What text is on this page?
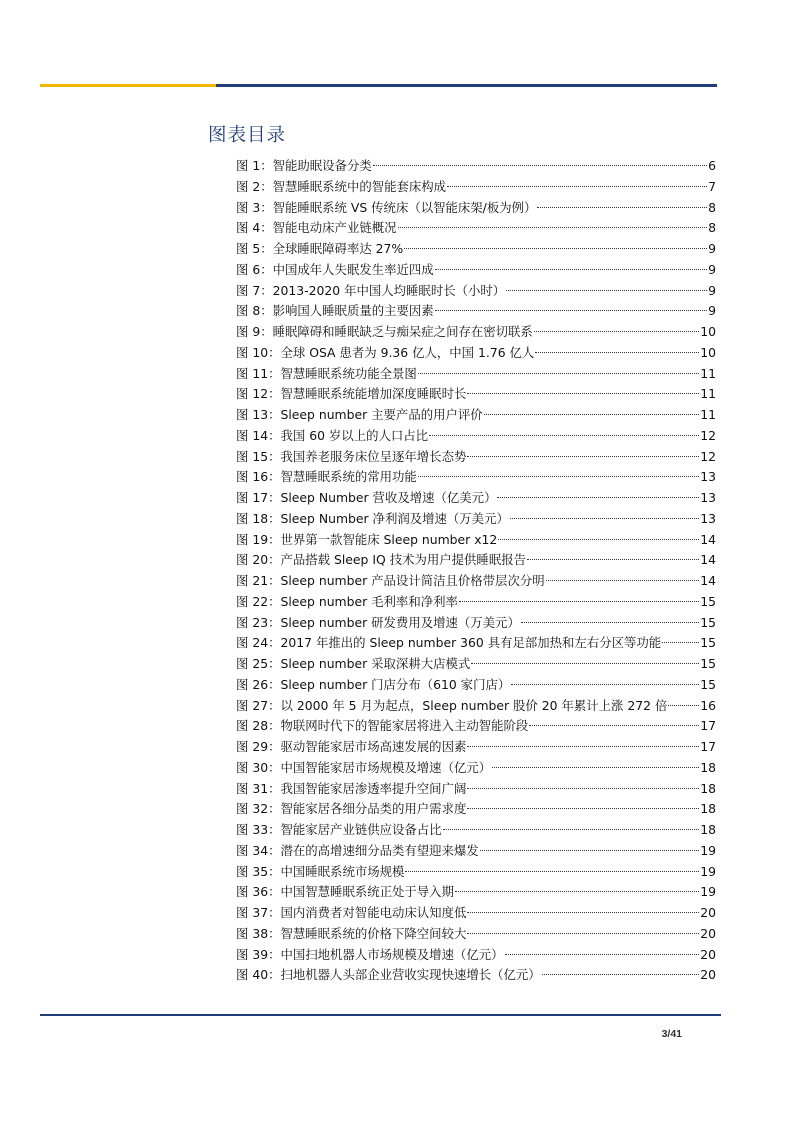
图表目录
图 1：智能助眠设备分类	6
图 2：智慧睡眠系统中的智能套床构成	7
图 3：智能睡眠系统 VS 传统床（以智能床架/板为例）	8
图 4：智能电动床产业链概况	8
图 5：全球睡眠障碍率达 27%	9
图 6：中国成年人失眠发生率近四成	9
图 7：2013-2020 年中国人均睡眠时长（小时）	9
图 8：影响国人睡眠质量的主要因素	9
图 9：睡眠障碍和睡眠缺乏与痴呆症之间存在密切联系	10
图 10：全球 OSA 患者为 9.36 亿人，中国 1.76 亿人	10
图 11：智慧睡眠系统功能全景图	11
图 12：智慧睡眠系统能增加深度睡眠时长	11
图 13：Sleep number 主要产品的用户评价	11
图 14：我国 60 岁以上的人口占比	12
图 15：我国养老服务床位呈逐年增长态势	12
图 16：智慧睡眠系统的常用功能	13
图 17：Sleep Number 营收及增速（亿美元）	13
图 18：Sleep Number 净利润及增速（万美元）	13
图 19：世界第一款智能床 Sleep number x12	14
图 20：产品搭载 Sleep IQ 技术为用户提供睡眠报告	14
图 21：Sleep number 产品设计简洁且价格带层次分明	14
图 22：Sleep number 毛利率和净利率	15
图 23：Sleep number 研发费用及增速（万美元）	15
图 24：2017 年推出的 Sleep number 360 具有足部加热和左右分区等功能	15
图 25：Sleep number 采取深耕大店模式	15
图 26：Sleep number 门店分布（610 家门店）	15
图 27：以 2000 年 5 月为起点，Sleep number 股价 20 年累计上涨 272 倍	16
图 28：物联网时代下的智能家居将进入主动智能阶段	17
图 29：驱动智能家居市场高速发展的因素	17
图 30：中国智能家居市场规模及增速（亿元）	18
图 31：我国智能家居渗透率提升空间广阔	18
图 32：智能家居各细分品类的用户需求度	18
图 33：智能家居产业链供应设备占比	18
图 34：潜在的高增速细分品类有望迎来爆发	19
图 35：中国睡眠系统市场规模	19
图 36：中国智慧睡眠系统正处于导入期	19
图 37：国内消费者对智能电动床认知度低	20
图 38：智慧睡眠系统的价格下降空间较大	20
图 39：中国扫地机器人市场规模及增速（亿元）	20
图 40：扫地机器人头部企业营收实现快速增长（亿元）	20
3/41
